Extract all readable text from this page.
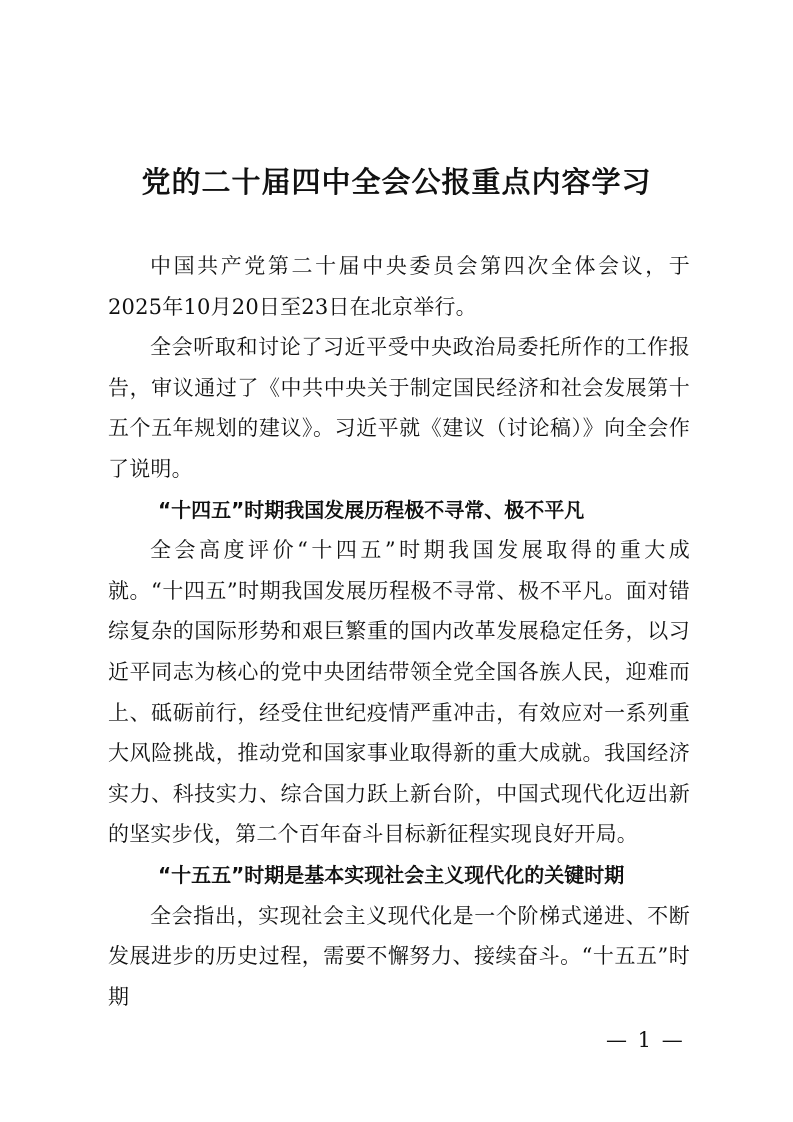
党的二十届四中全会公报重点内容学习

中国共产党第二十届中央委员会第四次全体会议，于2025年10月20日至23日在北京举行。

全会听取和讨论了习近平受中央政治局委托所作的工作报告，审议通过了《中共中央关于制定国民经济和社会发展第十五个五年规划的建议》。习近平就《建议（讨论稿）》向全会作了说明。

“十四五”时期我国发展历程极不寻常、极不平凡

全会高度评价“十四五”时期我国发展取得的重大成就。“十四五”时期我国发展历程极不寻常、极不平凡。面对错综复杂的国际形势和艰巨繁重的国内改革发展稳定任务，以习近平同志为核心的党中央团结带领全党全国各族人民，迎难而上、砥砺前行，经受住世纪疫情严重冲击，有效应对一系列重大风险挑战，推动党和国家事业取得新的重大成就。我国经济实力、科技实力、综合国力跃上新台阶，中国式现代化迈出新的坚实步伐，第二个百年奋斗目标新征程实现良好开局。

“十五五”时期是基本实现社会主义现代化的关键时期

全会指出，实现社会主义现代化是一个阶梯式递进、不断发展进步的历史过程，需要不懈努力、接续奋斗。“十五五”时期

— 1 —
